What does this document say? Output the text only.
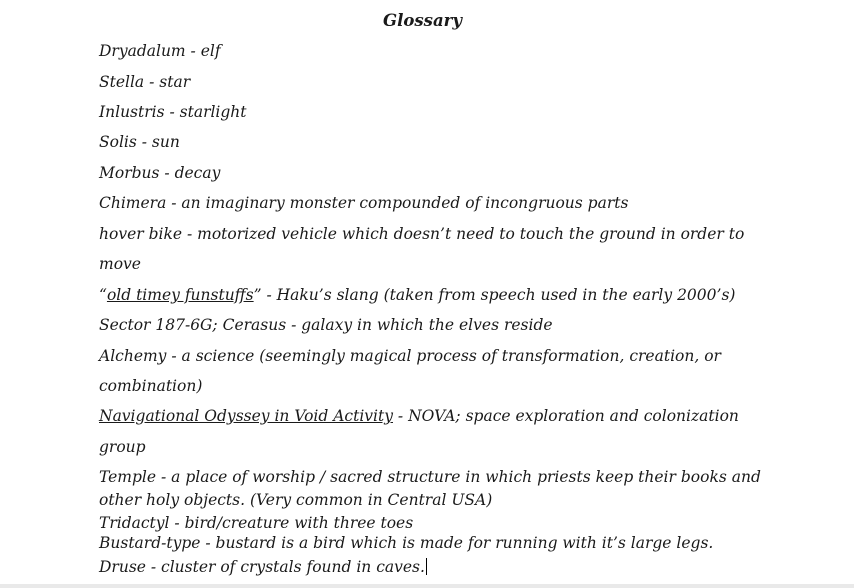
Glossary
Dryadalum - elf
Stella - star
Inlustris - starlight
Solis - sun
Morbus - decay
Chimera - an imaginary monster compounded of incongruous parts
hover bike - motorized vehicle which doesn’t need to touch the ground in order to
move
“old timey funstuffs” - Haku’s slang (taken from speech used in the early 2000’s)
Sector 187-6G; Cerasus - galaxy in which the elves reside
Alchemy - a science (seemingly magical process of transformation, creation, or
combination)
Navigational Odyssey in Void Activity - NOVA; space exploration and colonization
group
Temple - a place of worship / sacred structure in which priests keep their books and
other holy objects. (Very common in Central USA)
Tridactyl - bird/creature with three toes
Bustard-type - bustard is a bird which is made for running with it’s large legs.
Druse - cluster of crystals found in caves.
